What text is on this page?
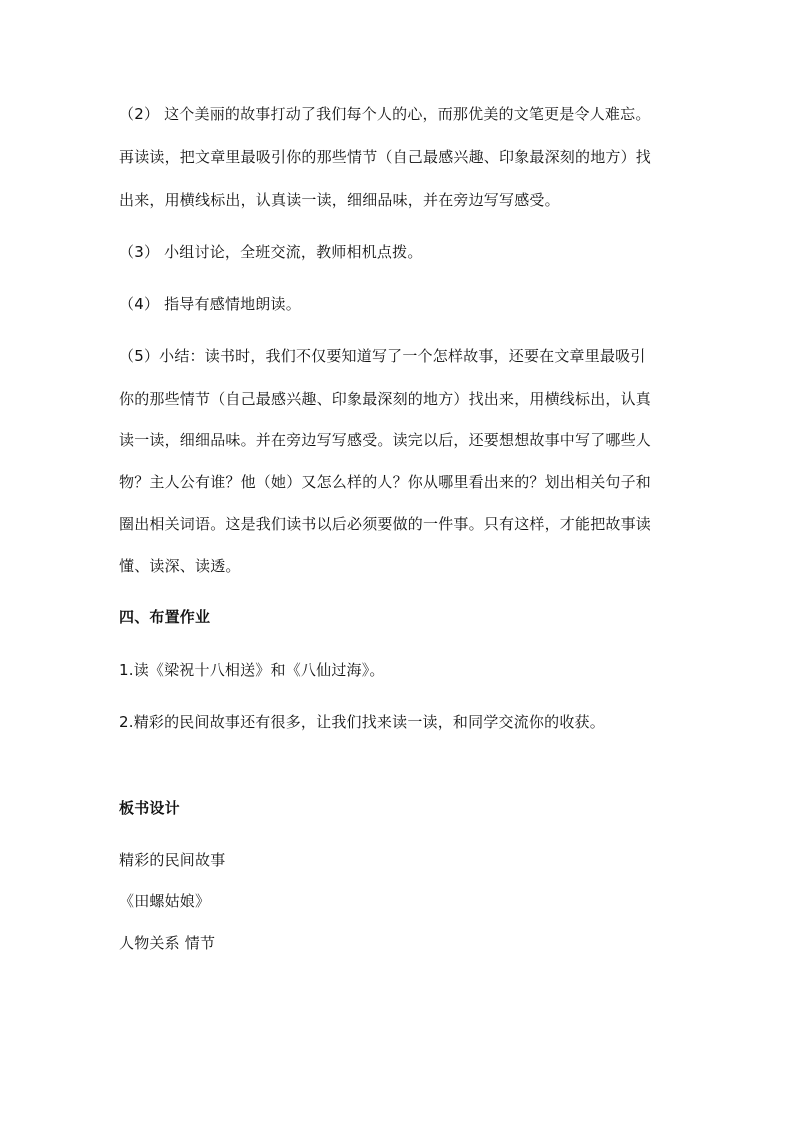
（2） 这个美丽的故事打动了我们每个人的心，而那优美的文笔更是令人难忘。
再读读，把文章里最吸引你的那些情节（自己最感兴趣、印象最深刻的地方）找
出来，用横线标出，认真读一读，细细品味，并在旁边写写感受。
（3） 小组讨论，全班交流，教师相机点拨。
（4） 指导有感情地朗读。
（5）小结：读书时，我们不仅要知道写了一个怎样故事，还要在文章里最吸引
你的那些情节（自己最感兴趣、印象最深刻的地方）找出来，用横线标出，认真
读一读，细细品味。并在旁边写写感受。读完以后，还要想想故事中写了哪些人
物？主人公有谁？他（她）又怎么样的人？你从哪里看出来的？划出相关句子和
圈出相关词语。这是我们读书以后必须要做的一件事。只有这样，才能把故事读
懂、读深、读透。
四、布置作业
1.读《梁祝十八相送》和《八仙过海》。
2.精彩的民间故事还有很多，让我们找来读一读，和同学交流你的收获。
板书设计
精彩的民间故事
《田螺姑娘》
人物关系 情节
